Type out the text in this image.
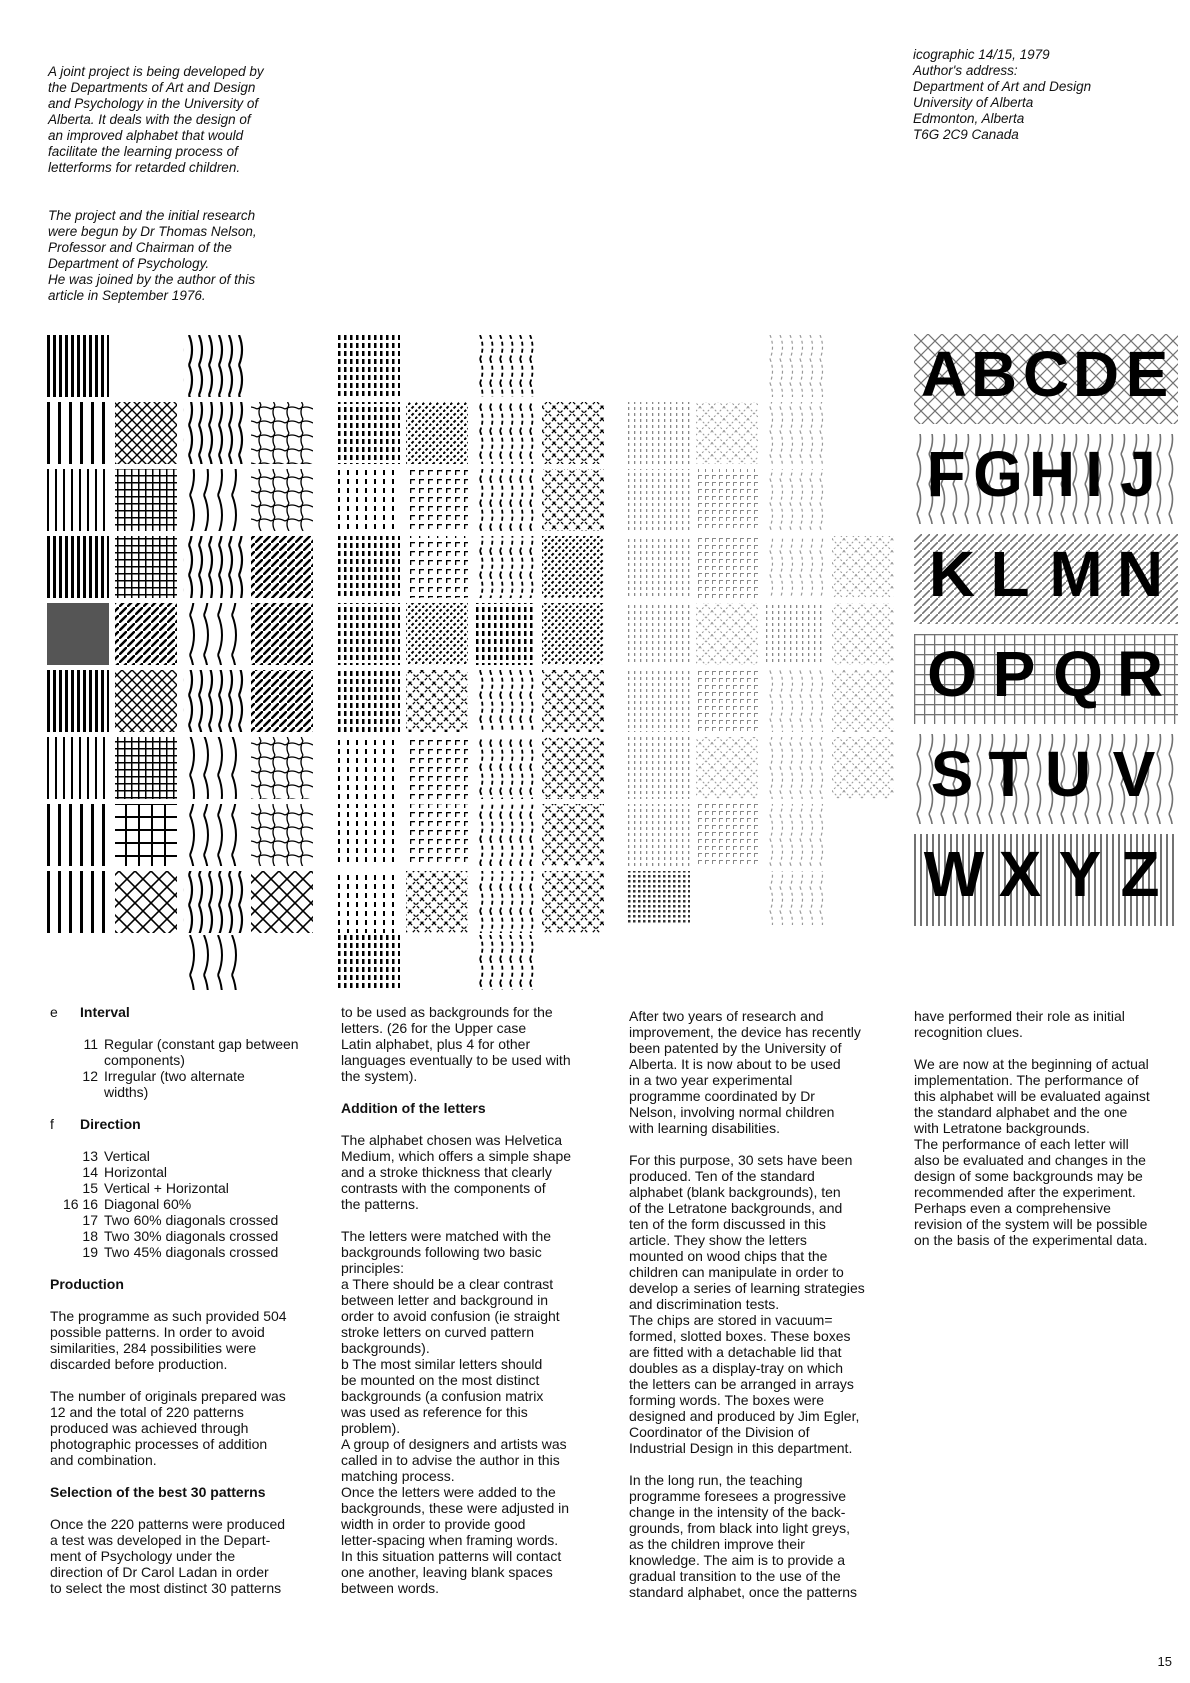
A joint project is being developed by
the Departments of Art and Design
and Psychology in the University of
Alberta. It deals with the design of
an improved alphabet that would
facilitate the learning process of
letterforms for retarded children.

The project and the initial research
were begun by Dr Thomas Nelson,
Professor and Chairman of the
Department of Psychology.
He was joined by the author of this
article in September 1976.

icographic 14/15, 1979
Author's address:
Department of Art and Design
University of Alberta
Edmonton, Alberta
T6G 2C9 Canada
A B C D E
F G H I J
K L M N
O P Q R
S T U V
W X Y Z
e	Interval
11 Regular (constant gap between
components)
12 Irregular (two alternate
widths)
f	Direction
13 Vertical
14 Horizontal
15 Vertical + Horizontal
16 16 Diagonal 60%
17 Two 60% diagonals crossed
18 Two 30% diagonals crossed
19 Two 45% diagonals crossed
Production

The programme as such provided 504
possible patterns. In order to avoid
similarities, 284 possibilities were
discarded before production.

The number of originals prepared was
12 and the total of 220 patterns
produced was achieved through
photographic processes of addition
and combination.

Selection of the best 30 patterns

Once the 220 patterns were produced
a test was developed in the Depart-
ment of Psychology under the
direction of Dr Carol Ladan in order
to select the most distinct 30 patterns

to be used as backgrounds for the
letters. (26 for the Upper case
Latin alphabet, plus 4 for other
languages eventually to be used with
the system).

Addition of the letters

The alphabet chosen was Helvetica
Medium, which offers a simple shape
and a stroke thickness that clearly
contrasts with the components of
the patterns.

The letters were matched with the
backgrounds following two basic
principles:
a There should be a clear contrast
between letter and background in
order to avoid confusion (ie straight
stroke letters on curved pattern
backgrounds).
b The most similar letters should
be mounted on the most distinct
backgrounds (a confusion matrix
was used as reference for this
problem).
A group of designers and artists was
called in to advise the author in this
matching process.
Once the letters were added to the
backgrounds, these were adjusted in
width in order to provide good
letter-spacing when framing words.
In this situation patterns will contact
one another, leaving blank spaces
between words.

After two years of research and
improvement, the device has recently
been patented by the University of
Alberta. It is now about to be used
in a two year experimental
programme coordinated by Dr
Nelson, involving normal children
with learning disabilities.

For this purpose, 30 sets have been
produced. Ten of the standard
alphabet (blank backgrounds), ten
of the Letratone backgrounds, and
ten of the form discussed in this
article. They show the letters
mounted on wood chips that the
children can manipulate in order to
develop a series of learning strategies
and discrimination tests.
The chips are stored in vacuum=
formed, slotted boxes. These boxes
are fitted with a detachable lid that
doubles as a display-tray on which
the letters can be arranged in arrays
forming words. The boxes were
designed and produced by Jim Egler,
Coordinator of the Division of
Industrial Design in this department.

In the long run, the teaching
programme foresees a progressive
change in the intensity of the back-
grounds, from black into light greys,
as the children improve their
knowledge. The aim is to provide a
gradual transition to the use of the
standard alphabet, once the patterns

have performed their role as initial
recognition clues.

We are now at the beginning of actual
implementation. The performance of
this alphabet will be evaluated against
the standard alphabet and the one
with Letratone backgrounds.
The performance of each letter will
also be evaluated and changes in the
design of some backgrounds may be
recommended after the experiment.
Perhaps even a comprehensive
revision of the system will be possible
on the basis of the experimental data.

15
